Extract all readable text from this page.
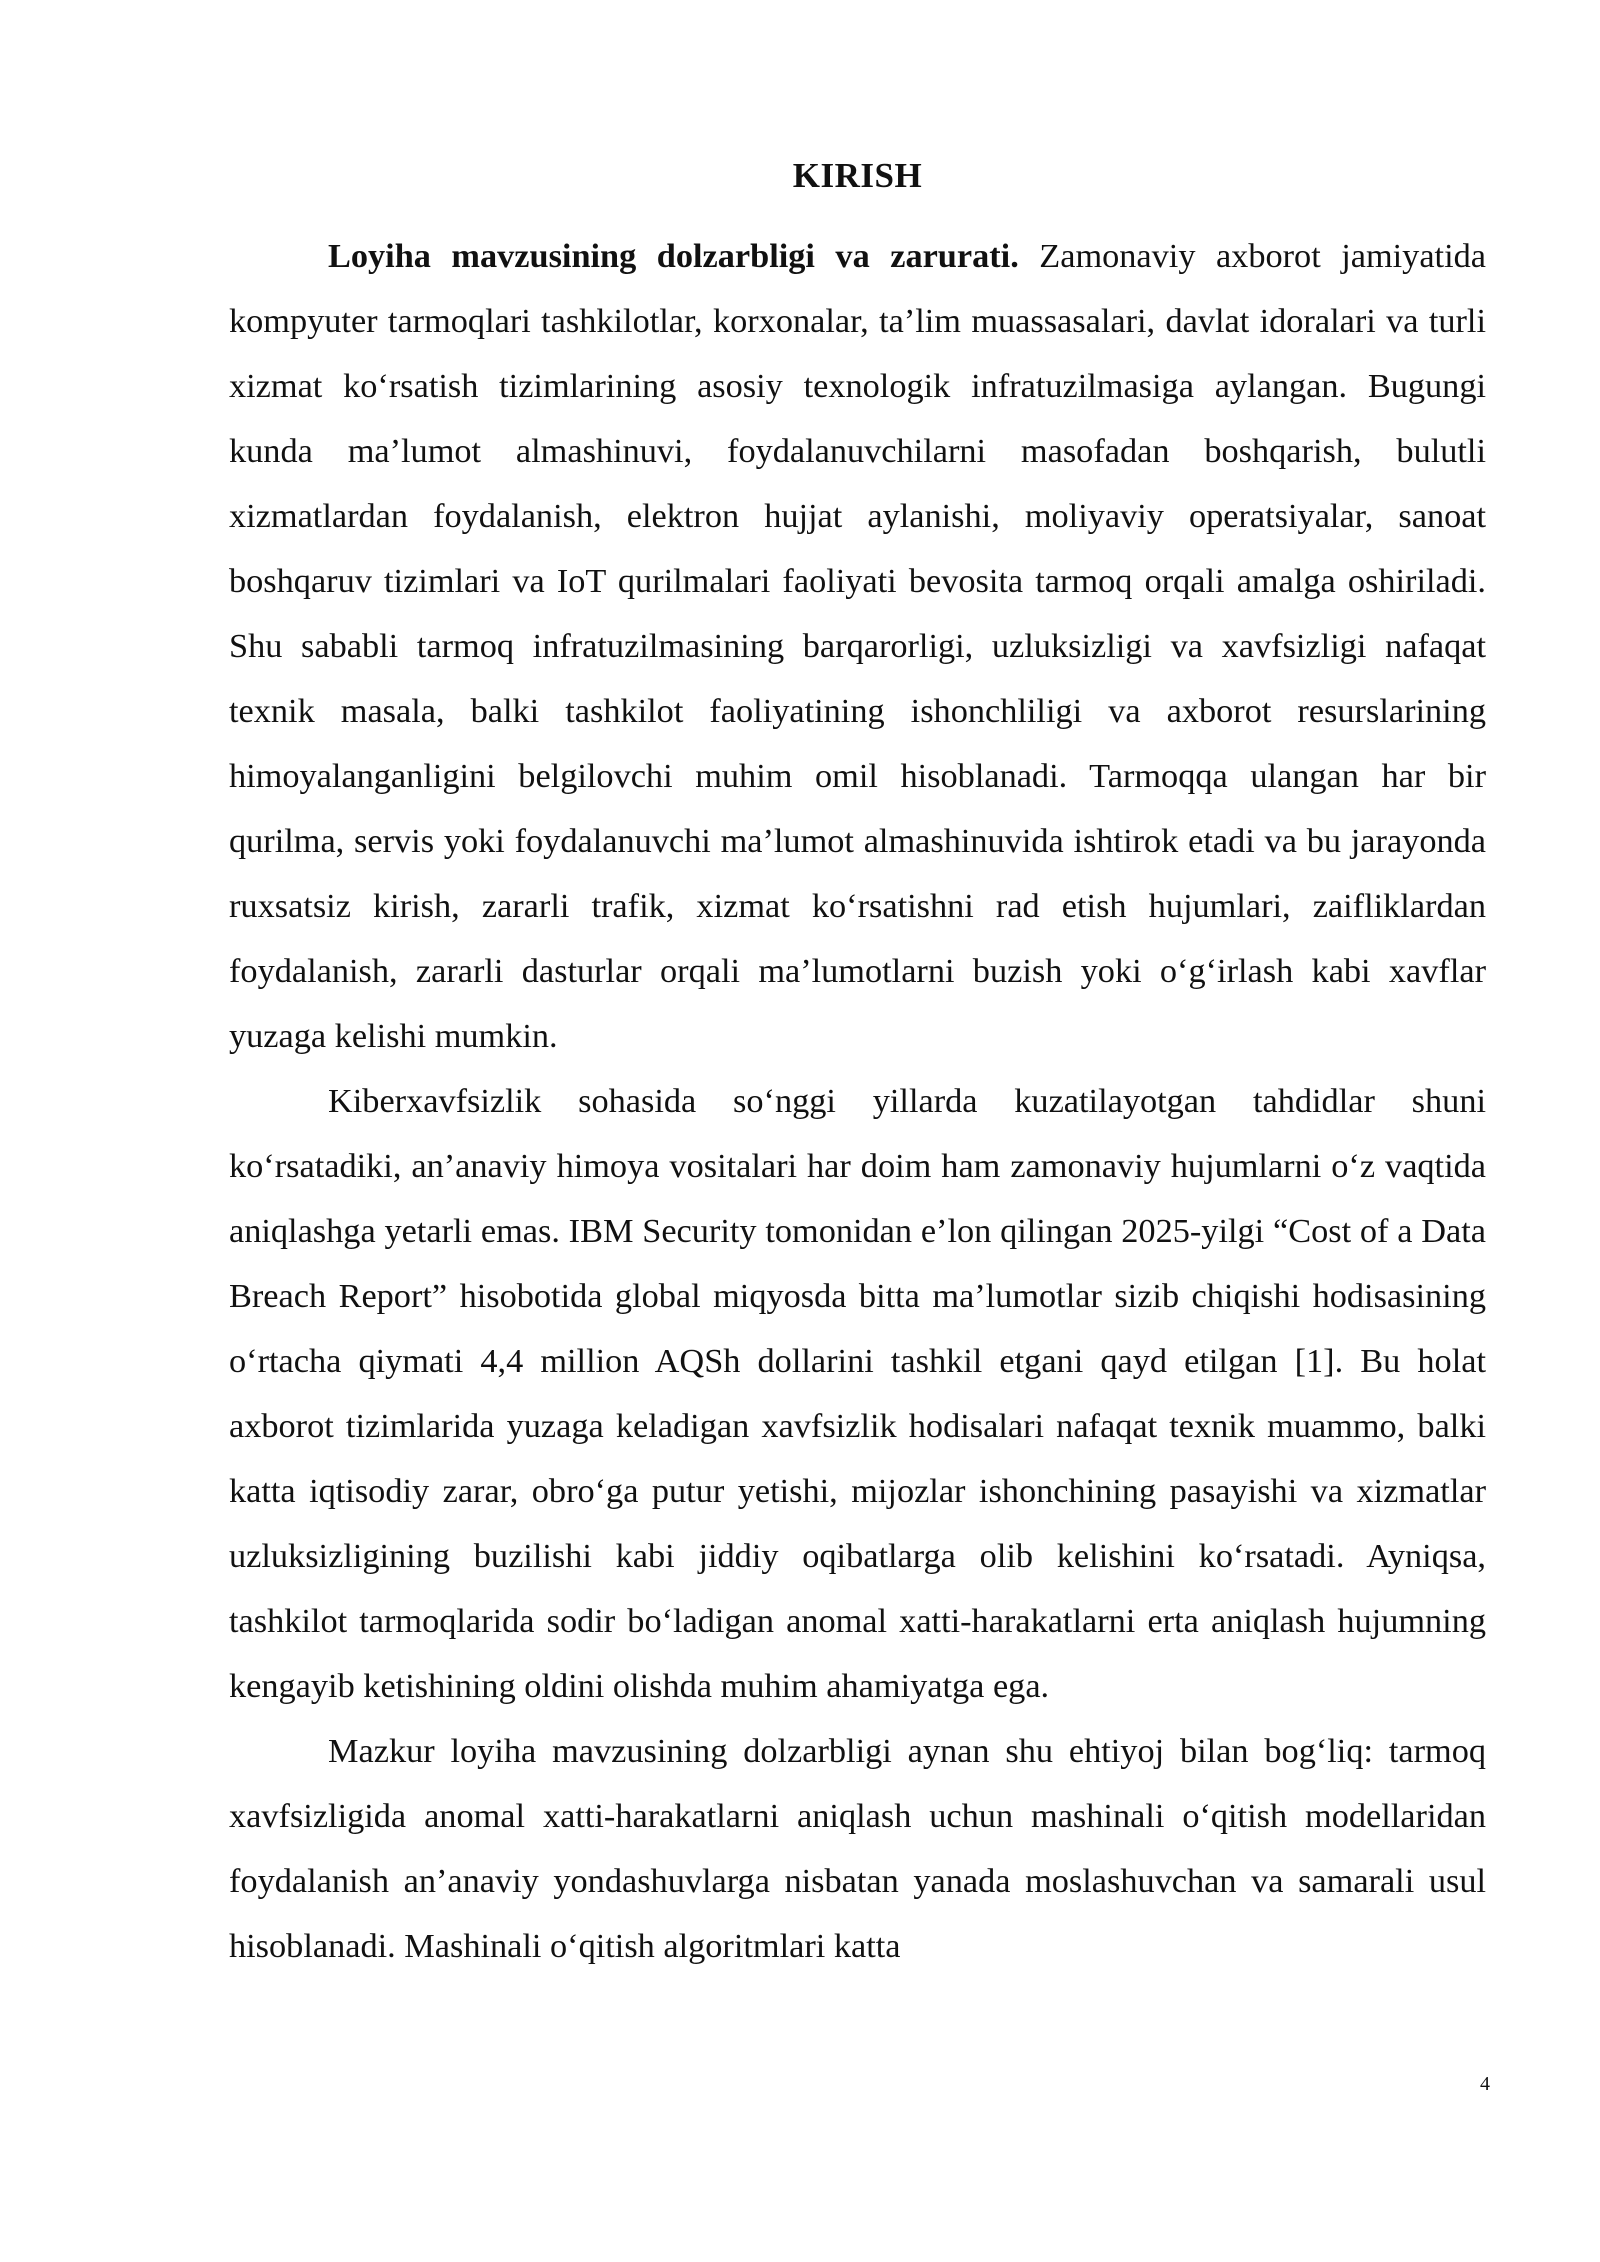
KIRISH

Loyiha mavzusining dolzarbligi va zarurati. Zamonaviy axborot jamiyatida kompyuter tarmoqlari tashkilotlar, korxonalar, ta’lim muassasalari, davlat idoralari va turli xizmat ko‘rsatish tizimlarining asosiy texnologik infratuzilmasiga aylangan. Bugungi kunda ma’lumot almashinuvi, foydalanuvchilarni masofadan boshqarish, bulutli xizmatlardan foydalanish, elektron hujjat aylanishi, moliyaviy operatsiyalar, sanoat boshqaruv tizimlari va IoT qurilmalari faoliyati bevosita tarmoq orqali amalga oshiriladi. Shu sababli tarmoq infratuzilmasining barqarorligi, uzluksizligi va xavfsizligi nafaqat texnik masala, balki tashkilot faoliyatining ishonchliligi va axborot resurslarining himoyalanganligini belgilovchi muhim omil hisoblanadi. Tarmoqqa ulangan har bir qurilma, servis yoki foydalanuvchi ma’lumot almashinuvida ishtirok etadi va bu jarayonda ruxsatsiz kirish, zararli trafik, xizmat ko‘rsatishni rad etish hujumlari, zaifliklardan foydalanish, zararli dasturlar orqali ma’lumotlarni buzish yoki o‘g‘irlash kabi xavflar yuzaga kelishi mumkin.

Kiberxavfsizlik sohasida so‘nggi yillarda kuzatilayotgan tahdidlar shuni ko‘rsatadiki, an’anaviy himoya vositalari har doim ham zamonaviy hujumlarni o‘z vaqtida aniqlashga yetarli emas. IBM Security tomonidan e’lon qilingan 2025-yilgi “Cost of a Data Breach Report” hisobotida global miqyosda bitta ma’lumotlar sizib chiqishi hodisasining o‘rtacha qiymati 4,4 million AQSh dollarini tashkil etgani qayd etilgan [1]. Bu holat axborot tizimlarida yuzaga keladigan xavfsizlik hodisalari nafaqat texnik muammo, balki katta iqtisodiy zarar, obro‘ga putur yetishi, mijozlar ishonchining pasayishi va xizmatlar uzluksizligining buzilishi kabi jiddiy oqibatlarga olib kelishini ko‘rsatadi. Ayniqsa, tashkilot tarmoqlarida sodir bo‘ladigan anomal xatti-harakatlarni erta aniqlash hujumning kengayib ketishining oldini olishda muhim ahamiyatga ega.

Mazkur loyiha mavzusining dolzarbligi aynan shu ehtiyoj bilan bog‘liq: tarmoq xavfsizligida anomal xatti-harakatlarni aniqlash uchun mashinali o‘qitish modellaridan foydalanish an’anaviy yondashuvlarga nisbatan yanada moslashuvchan va samarali usul hisoblanadi. Mashinali o‘qitish algoritmlari katta

4
